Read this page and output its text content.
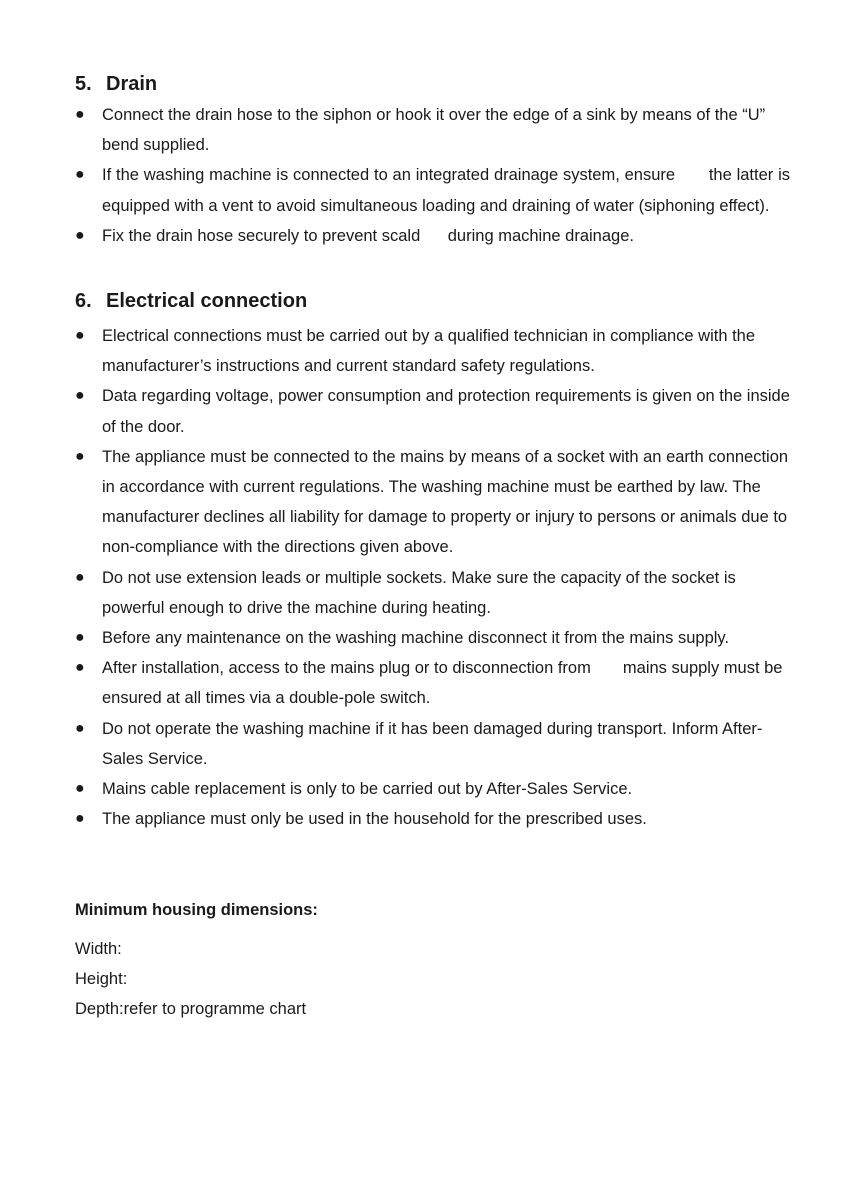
5. Drain
● Connect the drain hose to the siphon or hook it over the edge of a sink by means of the “U” bend supplied.
● If the washing machine is connected to an integrated drainage system, ensure       the latter is equipped with a vent to avoid simultaneous loading and draining of water (siphoning effect).
● Fix the drain hose securely to prevent scald      during machine drainage.
6. Electrical connection
● Electrical connections must be carried out by a qualified technician in compliance with the manufacturer’s instructions and current standard safety regulations.
● Data regarding voltage, power consumption and protection requirements is given on the inside of the door.
● The appliance must be connected to the mains by means of a socket with an earth connection in accordance with current regulations. The washing machine must be earthed by law. The manufacturer declines all liability for damage to property or injury to persons or animals due to non-compliance with the directions given above.
● Do not use extension leads or multiple sockets. Make sure the capacity of the socket is powerful enough to drive the machine during heating.
● Before any maintenance on the washing machine disconnect it from the mains supply.
● After installation, access to the mains plug or to disconnection from       mains supply must be ensured at all times via a double-pole switch.
● Do not operate the washing machine if it has been damaged during transport. Inform After-Sales Service.
● Mains cable replacement is only to be carried out by After-Sales Service.
● The appliance must only be used in the household for the prescribed uses.

Minimum housing dimensions:

Width:

Height:

Depth:refer to programme chart
